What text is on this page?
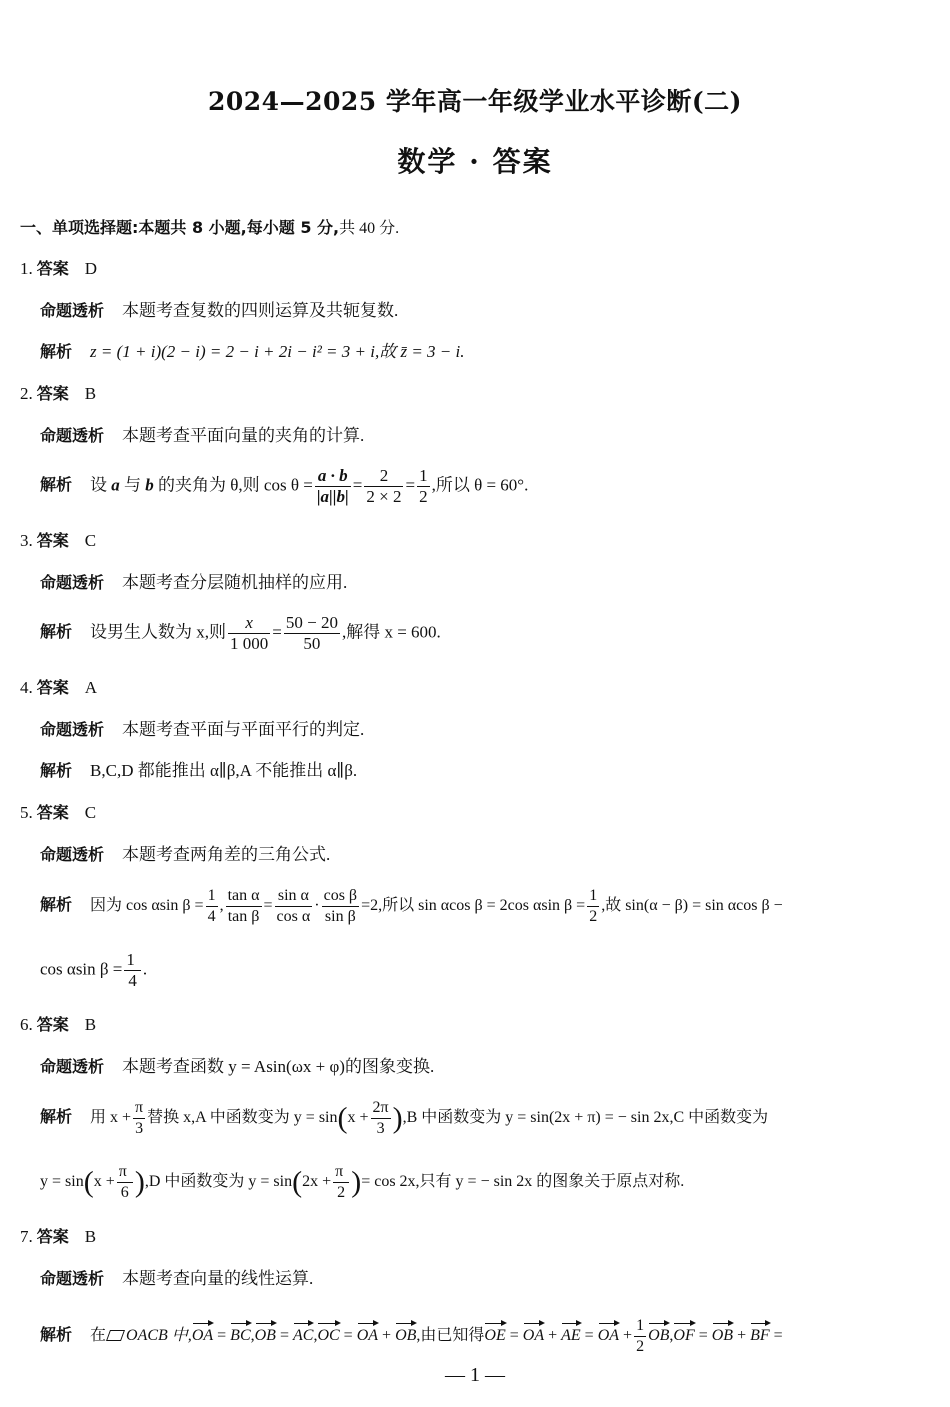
2024—2025 学年高一年级学业水平诊断(二)
数学 · 答案
一、单项选择题:本题共 8 小题,每小题 5 分,共 40 分.
1. 答案 D
命题透析 本题考查复数的四则运算及共轭复数.
解析 z = (1 + i)(2 − i) = 2 − i + 2i − i² = 3 + i,故 z̄ = 3 − i.
2. 答案 B
命题透析 本题考查平面向量的夹角的计算.
解析 设 a 与 b 的夹角为 θ,则 $\cos \theta = \frac{a \cdot b}{|a||b|} = \frac{2}{2 \times 2} = \frac{1}{2}$ ,所以 θ = 60°.
3. 答案 C
命题透析 本题考查分层随机抽样的应用.
解析 设男生人数为 x,则 $\frac{x}{1 000} = \frac{50 - 20}{50}$ ,解得 x = 600.
4. 答案 A
命题透析 本题考查平面与平面平行的判定.
解析 B,C,D 都能推出 α∥β,A 不能推出 α∥β.
5. 答案 C
命题透析 本题考查两角差的三角公式.
解析 因为 cos αsin $\beta = \frac{1}{4}$ , $\frac{\text{tan α}}{\text{tan β}} = \frac{\text{sin α}}{\text{cos α}} \cdot \frac{\text{cos β}}{\text{sin β}} =2$,所以 sin αcos β = 2cos αsin $\beta = \frac{1}{2}$ ,故 sin(α − β) = sin αcos β −
cos αsin $\beta = \frac{1}{4}$ .
6. 答案 B
命题透析 本题考查函数 y = Asin(ωx + φ)的图象变换.
解析 用 $x + \frac{\pi}{3}$ 替换 x,A 中函数变为 $y = \sin(x + \frac{2\pi}{3} ),B$ 中函数变为 y = sin(2x + π) = − sin 2x,C 中函数变为
$y = \sin(x + \frac{\pi}{6} ),D$ 中函数变为 $y = \sin(2x + \frac{\pi}{2}$ )= cos 2x,只有 y = − sin 2x 的图象关于原点对称.
7. 答案 B
命题透析 本题考查向量的线性运算.
解析 在 OACB 中,OA = BC,OB = AC,OC = OA + OB,由已知得OE = OA + AE = OA + $\frac{1}{2} OB,OF$ = OB + BF =
— 1 —
